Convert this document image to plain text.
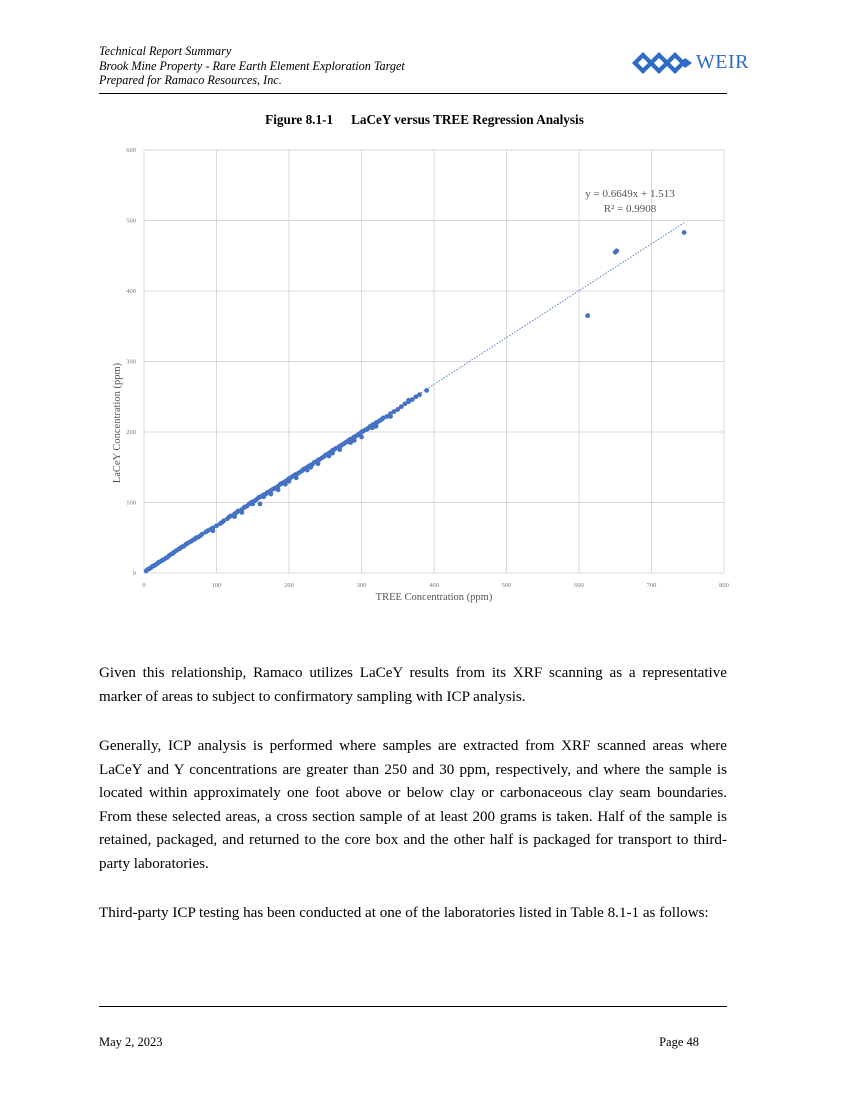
Technical Report Summary
Brook Mine Property - Rare Earth Element Exploration Target
Prepared for Ramaco Resources, Inc.
WEIR
Figure 8.1-1 LaCeY versus TREE Regression Analysis
0	100	200	300	400	500	600	700	800
0
100
200
300
400
500
600
TREE Concentration (ppm)
LaCeY Concentration (ppm)
y = 0.6649x + 1.513
R² = 0.9908
Given this relationship, Ramaco utilizes LaCeY results from its XRF scanning as a representative marker of areas to subject to confirmatory sampling with ICP analysis.
Generally, ICP analysis is performed where samples are extracted from XRF scanned areas where LaCeY and Y concentrations are greater than 250 and 30 ppm, respectively, and where the sample is located within approximately one foot above or below clay or carbonaceous clay seam boundaries. From these selected areas, a cross section sample of at least 200 grams is taken. Half of the sample is retained, packaged, and returned to the core box and the other half is packaged for transport to third-party laboratories.
Third-party ICP testing has been conducted at one of the laboratories listed in Table 8.1-1 as follows:
May 2, 2023	Page 48
